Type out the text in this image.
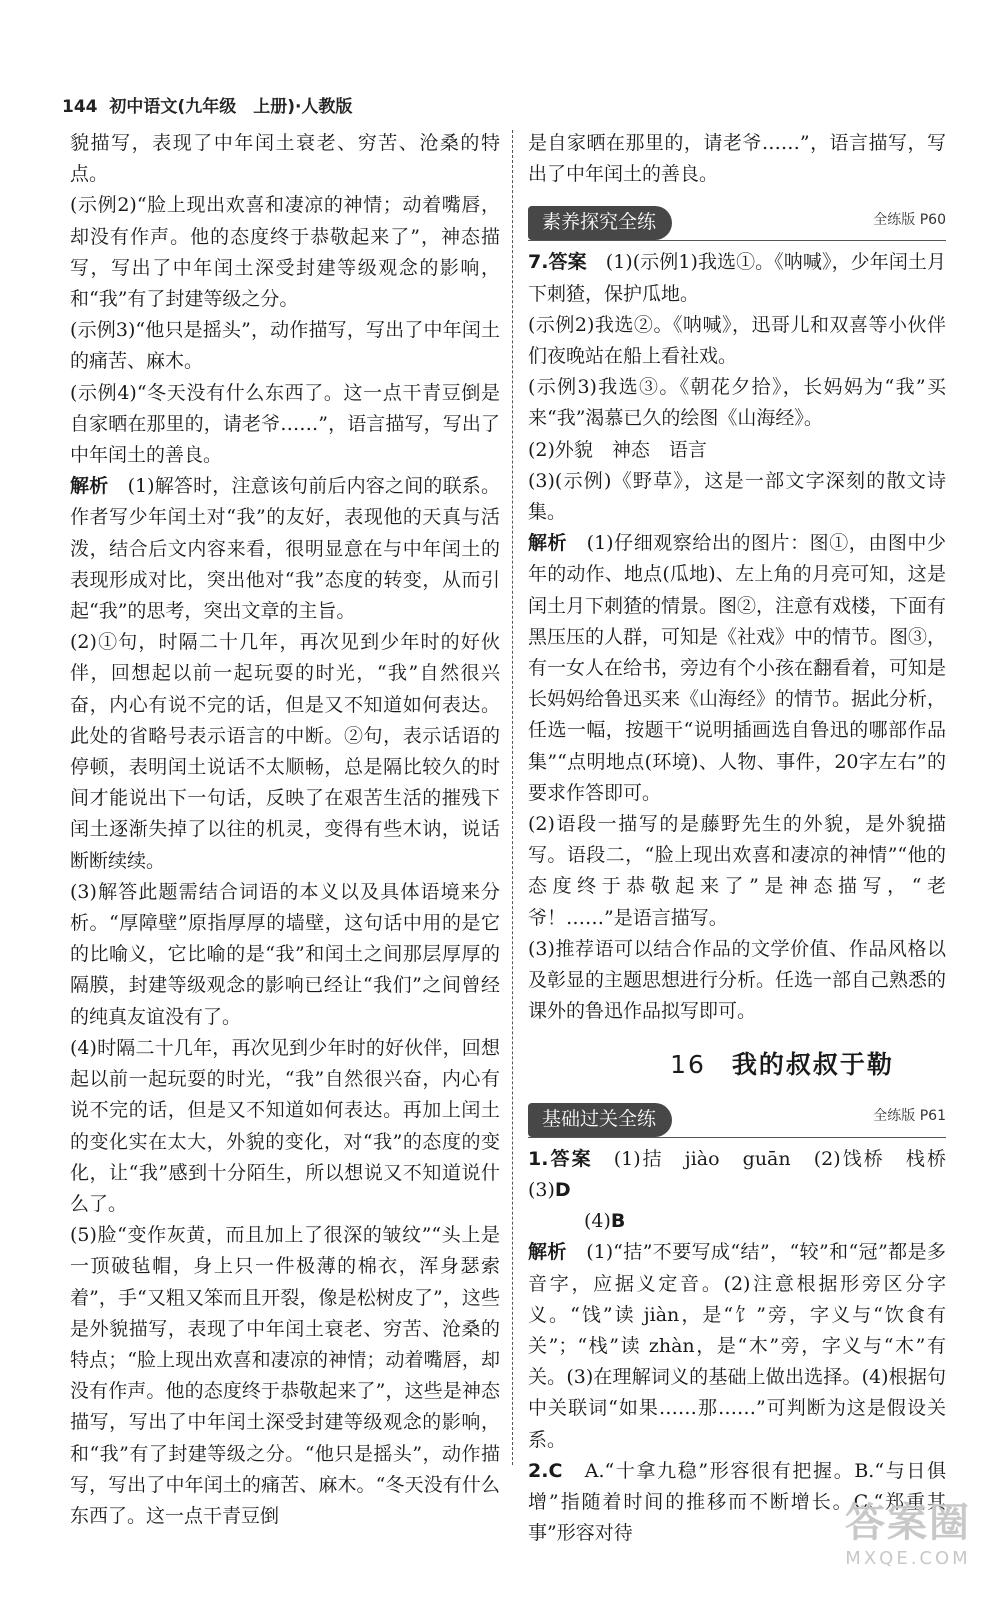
144 初中语文(九年级　上册)·人教版

貌描写，表现了中年闰土衰老、穷苦、沧桑的特点。

(示例2)“脸上现出欢喜和凄凉的神情；动着嘴唇，却没有作声。他的态度终于恭敬起来了”，神态描写，写出了中年闰土深受封建等级观念的影响，和“我”有了封建等级之分。

(示例3)“他只是摇头”，动作描写，写出了中年闰土的痛苦、麻木。

(示例4)“冬天没有什么东西了。这一点干青豆倒是自家晒在那里的，请老爷……”，语言描写，写出了中年闰土的善良。

解析　 (1)解答时，注意该句前后内容之间的联系。作者写少年闰土对“我”的友好，表现他的天真与活泼，结合后文内容来看，很明显意在与中年闰土的表现形成对比，突出他对“我”态度的转变，从而引起“我”的思考，突出文章的主旨。

(2)①句，时隔二十几年，再次见到少年时的好伙伴，回想起以前一起玩耍的时光，“我”自然很兴奋，内心有说不完的话，但是又不知道如何表达。此处的省略号表示语言的中断。②句，表示话语的停顿，表明闰土说话不太顺畅，总是隔比较久的时间才能说出下一句话，反映了在艰苦生活的摧残下闰土逐渐失掉了以往的机灵，变得有些木讷，说话断断续续。

(3)解答此题需结合词语的本义以及具体语境来分析。“厚障壁”原指厚厚的墙壁，这句话中用的是它的比喻义，它比喻的是“我”和闰土之间那层厚厚的隔膜，封建等级观念的影响已经让“我们”之间曾经的纯真友谊没有了。

(4)时隔二十几年，再次见到少年时的好伙伴，回想起以前一起玩耍的时光，“我”自然很兴奋，内心有说不完的话，但是又不知道如何表达。再加上闰土的变化实在太大，外貌的变化，对“我”的态度的变化，让“我”感到十分陌生，所以想说又不知道说什么了。

(5)脸“变作灰黄，而且加上了很深的皱纹”“头上是一顶破毡帽，身上只一件极薄的棉衣，浑身瑟索着”，手“又粗又笨而且开裂，像是松树皮了”，这些是外貌描写，表现了中年闰土衰老、穷苦、沧桑的特点；“脸上现出欢喜和凄凉的神情；动着嘴唇，却没有作声。他的态度终于恭敬起来了”，这些是神态描写，写出了中年闰土深受封建等级观念的影响，和“我”有了封建等级之分。“他只是摇头”，动作描写，写出了中年闰土的痛苦、麻木。“冬天没有什么东西了。这一点干青豆倒

是自家晒在那里的，请老爷……”，语言描写，写出了中年闰土的善良。

素养探究全练	全练版 P60

7.答案　 (1)(示例1)我选①。《呐喊》，少年闰土月下刺猹，保护瓜地。

(示例2)我选②。《呐喊》，迅哥儿和双喜等小伙伴们夜晚站在船上看社戏。

(示例3)我选③。《朝花夕拾》，长妈妈为“我”买来“我”渴慕已久的绘图《山海经》。

(2)外貌　神态　语言

(3)(示例)《野草》，这是一部文字深刻的散文诗集。

解析　 (1)仔细观察给出的图片：图①，由图中少年的动作、地点(瓜地)、左上角的月亮可知，这是闰土月下刺猹的情景。图②，注意有戏楼，下面有黑压压的人群，可知是《社戏》中的情节。图③，有一女人在给书，旁边有个小孩在翻看着，可知是长妈妈给鲁迅买来《山海经》的情节。据此分析，任选一幅，按题干“说明插画选自鲁迅的哪部作品集”“点明地点(环境)、人物、事件，20字左右”的要求作答即可。

(2)语段一描写的是藤野先生的外貌，是外貌描写。语段二，“脸上现出欢喜和凄凉的神情”“他的态度终于恭敬起来了”是神态描写，“老爷！……”是语言描写。

(3)推荐语可以结合作品的文学价值、作品风格以及彰显的主题思想进行分析。任选一部自己熟悉的课外的鲁迅作品拟写即可。

16 我的叔叔于勒
基础过关全练	全练版 P61

1.答案　 (1)拮　jiào　guān　(2)饯桥　栈桥　(3)D

(4)B

解析　 (1)“拮”不要写成“结”，“较”和“冠”都是多音字，应据义定音。(2)注意根据形旁区分字义。“饯”读 jiàn，是“饣”旁，字义与“饮食有关”；“栈”读 zhàn，是“木”旁，字义与“木”有关。(3)在理解词义的基础上做出选择。(4)根据句中关联词“如果……那……”可判断为这是假设关系。

2.C　 A.“十拿九稳”形容很有把握。B.“与日俱增”指随着时间的推移而不断增长。C.“郑重其事”形容对待	答案圈
MXQE.COM
